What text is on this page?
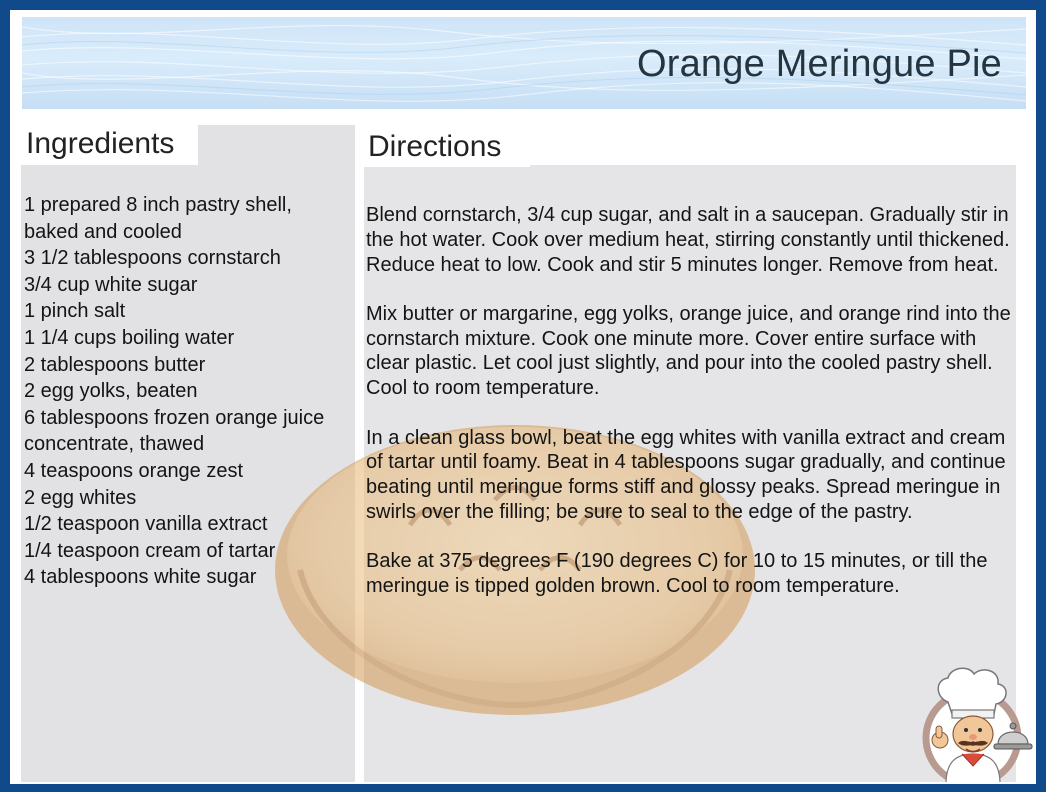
Orange Meringue Pie
Ingredients	Directions
1 prepared 8 inch pastry shell,
baked and cooled
3 1/2 tablespoons cornstarch
3/4 cup white sugar
1 pinch salt
1 1/4 cups boiling water
2 tablespoons butter
2 egg yolks, beaten
6 tablespoons frozen orange juice
concentrate, thawed
4 teaspoons orange zest
2 egg whites
1/2 teaspoon vanilla extract
1/4 teaspoon cream of tartar
4 tablespoons white sugar

Blend cornstarch, 3/4 cup sugar, and salt in a saucepan. Gradually stir in the hot water. Cook over medium heat, stirring constantly until thickened. Reduce heat to low. Cook and stir 5 minutes longer. Remove from heat.

Mix butter or margarine, egg yolks, orange juice, and orange rind into the cornstarch mixture. Cook one minute more. Cover entire surface with clear plastic. Let cool just slightly, and pour into the cooled pastry shell. Cool to room temperature.

In a clean glass bowl, beat the egg whites with vanilla extract and cream of tartar until foamy. Beat in 4 tablespoons sugar gradually, and continue beating until meringue forms stiff and glossy peaks. Spread meringue in swirls over the filling; be sure to seal to the edge of the pastry.

Bake at 375 degrees F (190 degrees C) for 10 to 15 minutes, or till the meringue is tipped golden brown. Cool to room temperature.
